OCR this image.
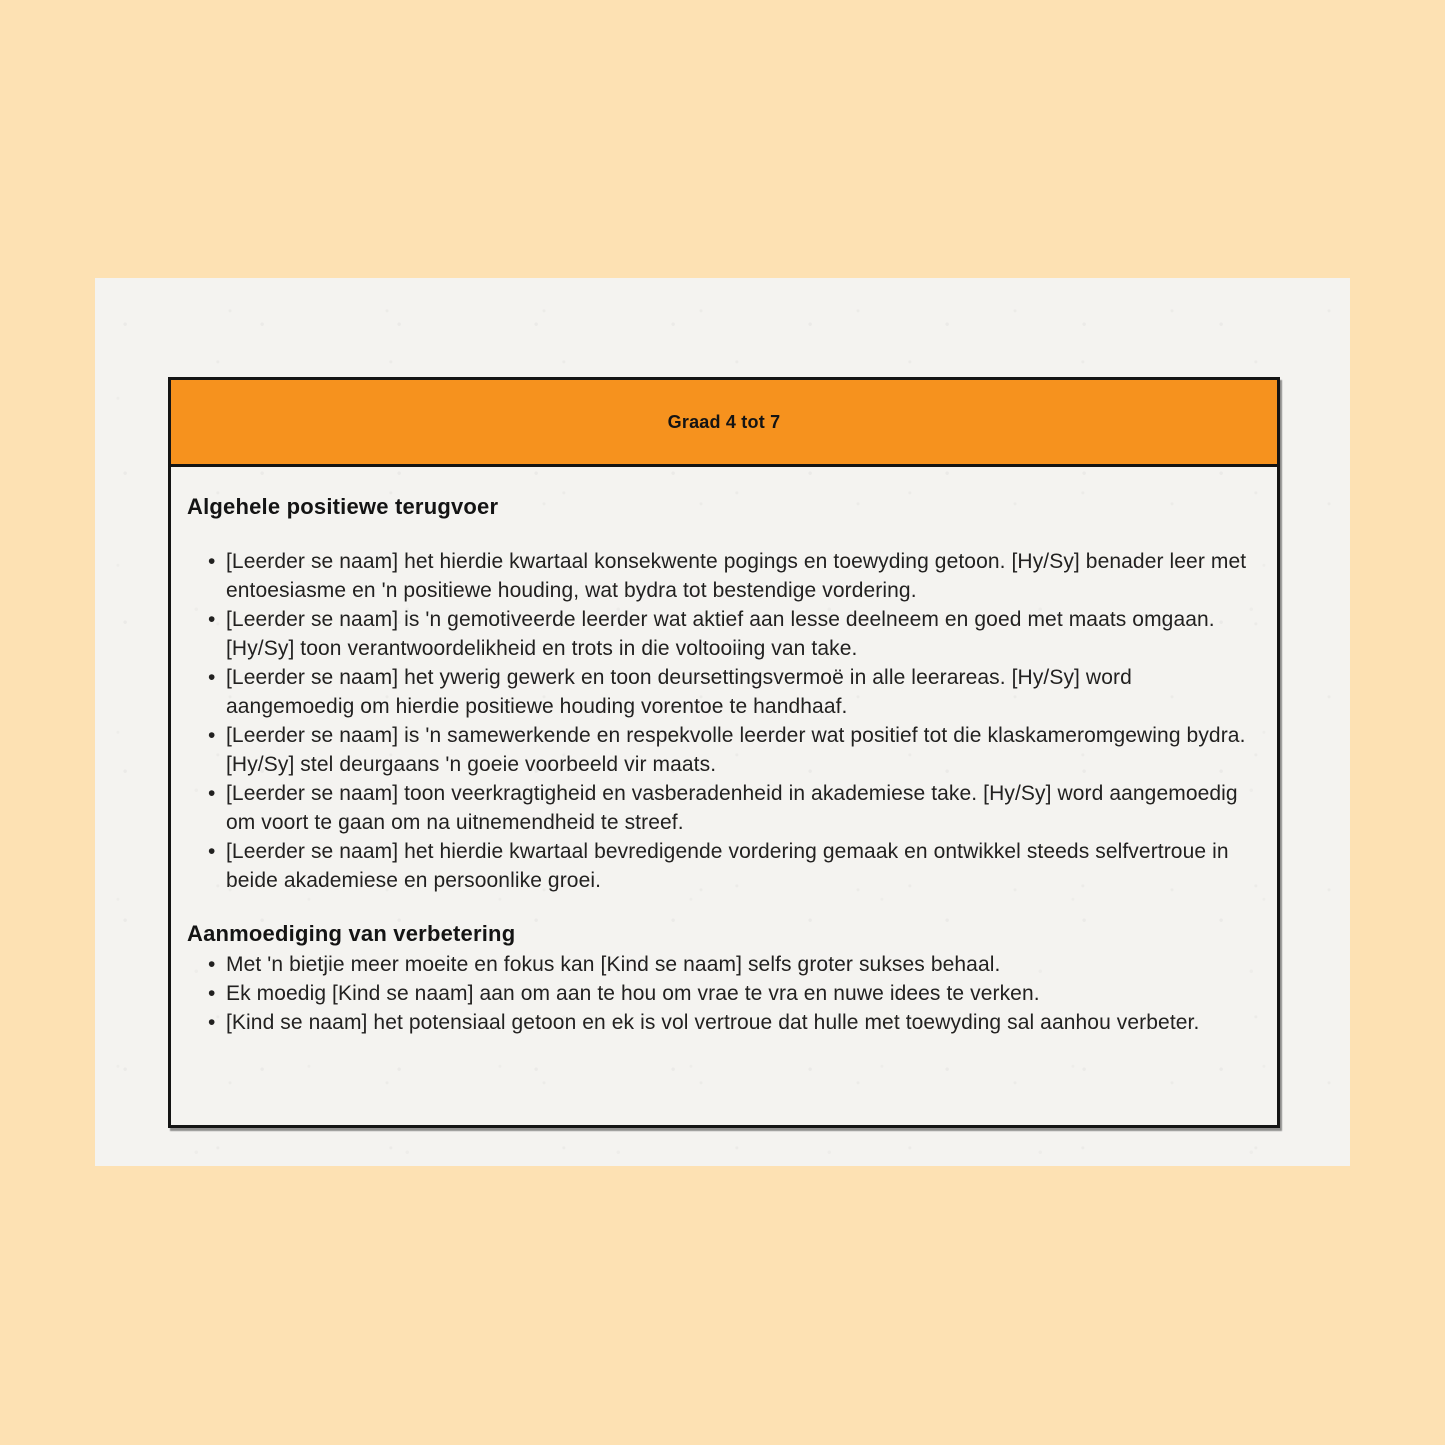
Graad 4 tot 7
Algehele positiewe terugvoer
• [Leerder se naam] het hierdie kwartaal konsekwente pogings en toewyding getoon. [Hy/Sy] benader leer met entoesiasme en 'n positiewe houding, wat bydra tot bestendige vordering.
• [Leerder se naam] is 'n gemotiveerde leerder wat aktief aan lesse deelneem en goed met maats omgaan. [Hy/Sy] toon verantwoordelikheid en trots in die voltooiing van take.
• [Leerder se naam] het ywerig gewerk en toon deursettingsvermoë in alle leerareas. [Hy/Sy] word aangemoedig om hierdie positiewe houding vorentoe te handhaaf.
• [Leerder se naam] is 'n samewerkende en respekvolle leerder wat positief tot die klaskameromgewing bydra. [Hy/Sy] stel deurgaans 'n goeie voorbeeld vir maats.
• [Leerder se naam] toon veerkragtigheid en vasberadenheid in akademiese take. [Hy/Sy] word aangemoedig om voort te gaan om na uitnemendheid te streef.
• [Leerder se naam] het hierdie kwartaal bevredigende vordering gemaak en ontwikkel steeds selfvertroue in beide akademiese en persoonlike groei.
Aanmoediging van verbetering
• Met 'n bietjie meer moeite en fokus kan [Kind se naam] selfs groter sukses behaal.
• Ek moedig [Kind se naam] aan om aan te hou om vrae te vra en nuwe idees te verken.
• [Kind se naam] het potensiaal getoon en ek is vol vertroue dat hulle met toewyding sal aanhou verbeter.
